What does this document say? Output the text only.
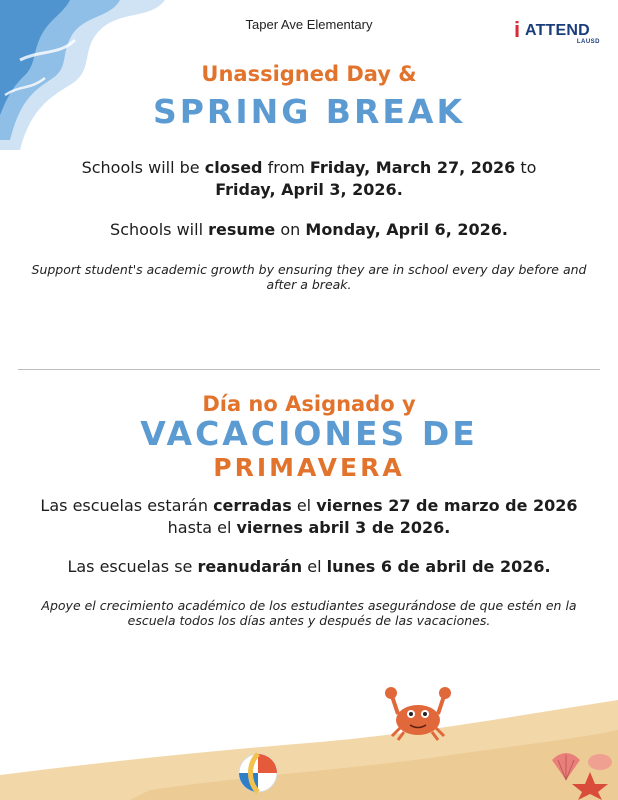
Taper Ave Elementary	i ATTEND
LAUSD
Unassigned Day &
SPRING BREAK
Schools will be closed from Friday, March 27, 2026 to
Friday, April 3, 2026.
Schools will resume on Monday, April 6, 2026.
Support student's academic growth by ensuring they are in school every day before and after a break.
Día no Asignado y
VACACIONES DE
PRIMAVERA
Las escuelas estarán cerradas el viernes 27 de marzo de 2026 hasta el viernes abril 3 de 2026.
Las escuelas se reanudarán el lunes 6 de abril de 2026.
Apoye el crecimiento académico de los estudiantes asegurándose de que estén en la escuela todos los días antes y después de las vacaciones.
